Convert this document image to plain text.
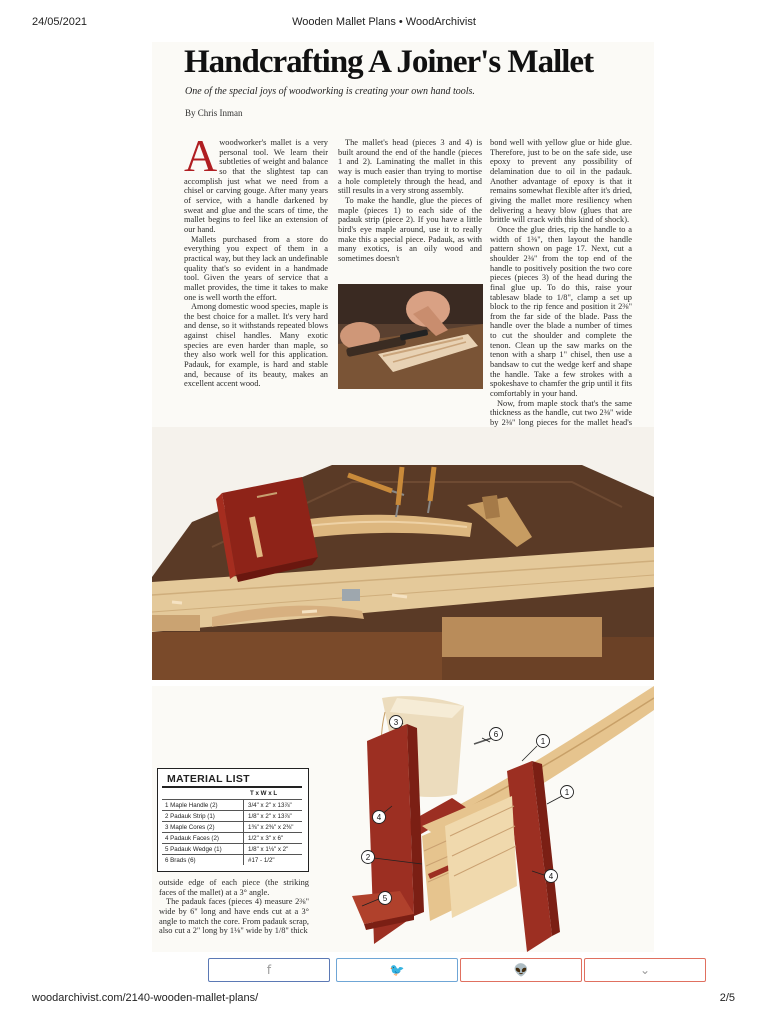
24/05/2021	Wooden Mallet Plans • WoodArchivist
Handcrafting A Joiner's Mallet
One of the special joys of woodworking is creating your own hand tools.
By Chris Inman
A woodworker's mallet is a very personal tool. We learn their subtleties of weight and balance so that the slightest tap can accomplish just what we need from a chisel or carving gouge. After many years of service, with a handle darkened by sweat and glue and the scars of time, the mallet begins to feel like an extension of our hand.

Mallets purchased from a store do everything you expect of them in a practical way, but they lack an undefinable quality that's so evident in a handmade tool. Given the years of service that a mallet provides, the time it takes to make one is well worth the effort.

Among domestic wood species, maple is the best choice for a mallet. It's very hard and dense, so it withstands repeated blows against chisel handles. Many exotic species are even harder than maple, so they also work well for this application. Padauk, for example, is hard and stable and, because of its beauty, makes an excellent accent wood.

The mallet's head (pieces 3 and 4) is built around the end of the handle (pieces 1 and 2). Laminating the mallet in this way is much easier than trying to mortise a hole completely through the head, and still results in a very strong assembly.

To make the handle, glue the pieces of maple (pieces 1) to each side of the padauk strip (piece 2). If you have a little bird's eye maple around, use it to really make this a special piece. Padauk, as with many exotics, is an oily wood and sometimes doesn't

bond well with yellow glue or hide glue. Therefore, just to be on the safe side, use epoxy to prevent any possibility of delamination due to oil in the padauk. Another advantage of epoxy is that it remains somewhat flexible after it's dried, giving the mallet more resiliency when delivering a heavy blow (glues that are brittle will crack with this kind of shock).

Once the glue dries, rip the handle to a width of 1⅜", then layout the handle pattern shown on page 17. Next, cut a shoulder 2⅜" from the top end of the handle to positively position the two core pieces (pieces 3) of the head during the final glue up. To do this, raise your tablesaw blade to 1/8", clamp a set up block to the rip fence and position it 2⅜" from the far side of the blade. Pass the handle over the blade a number of times to cut the shoulder and complete the tenon. Clean up the saw marks on the tenon with a sharp 1" chisel, then use a bandsaw to cut the wedge kerf and shape the handle. Take a few strokes with a spokeshave to chamfer the grip until it fits comfortably in your hand.

Now, from maple stock that's the same thickness as the handle, cut two 2⅜" wide by 2⅜" long pieces for the mallet head's

3
6
1
1
4
2
4
5
MATERIAL LIST
T x W x L
1 Maple Handle (2)	3/4" x 2" x 13⅞"
2 Padauk Strip (1)	1/8" x 2" x 13⅞"
3 Maple Cores (2)	1⅜" x 2⅜" x 2⅜"
4 Padauk Faces (2)	1/2" x 3" x 6"
5 Padauk Wedge (1)	1/8" x 1⅛" x 2"
6 Brads (6)	#17 - 1/2"

outside edge of each piece (the striking faces of the mallet) at a 3° angle.

The padauk faces (pieces 4) measure 2⅜" wide by 6" long and have ends cut at a 3° angle to match the core. From padauk scrap, also cut a 2" long by 1⅛" wide by 1/8" thick

f	🐦	👽	⌄
woodarchivist.com/2140-wooden-mallet-plans/	2/5
